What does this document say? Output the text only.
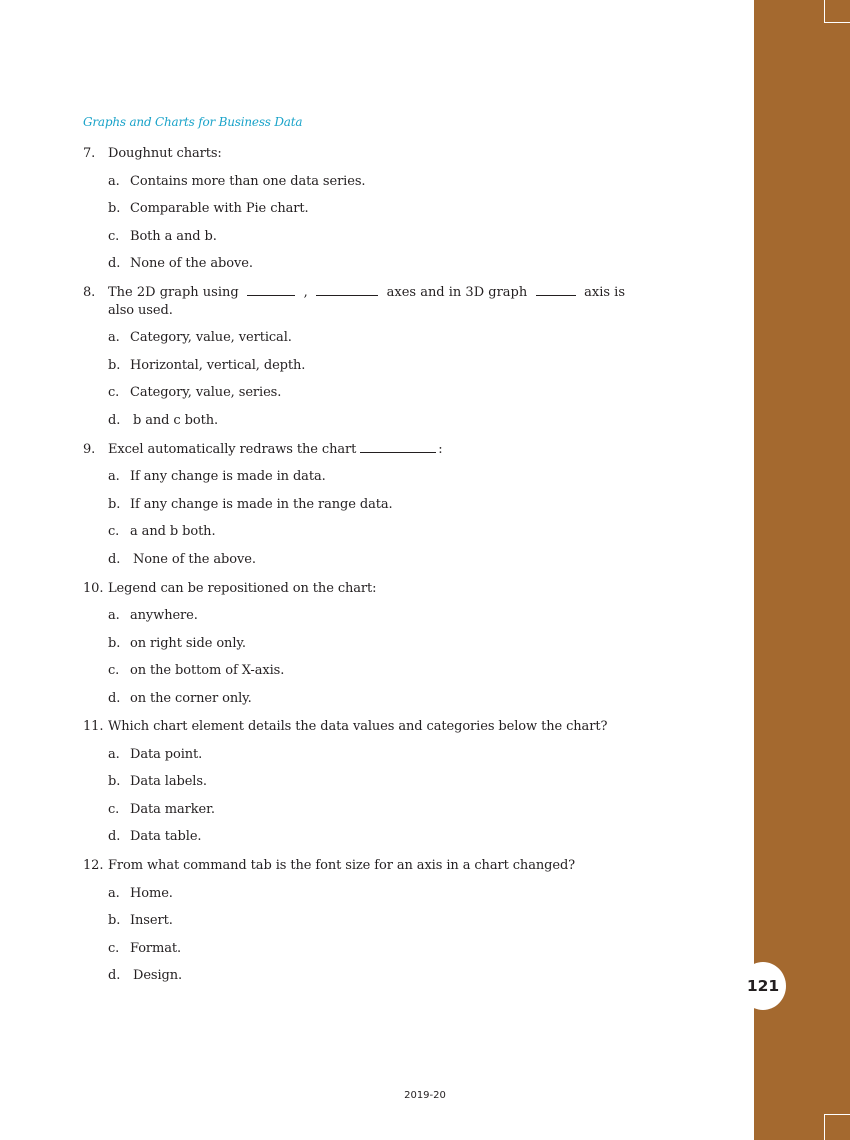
121
Graphs and Charts for Business Data
7. Doughnut charts:
a. Contains more than one data series.
b. Comparable with Pie chart.
c. Both a and b.
d. None of the above.
8. The 2D graph using	,	axes and in 3D graph	axis is
also used.
a. Category, value, vertical.
b. Horizontal, vertical, depth.
c. Category, value, series.
d. b and c both.
9. Excel automatically redraws the chart	:
a. If any change is made in data.
b. If any change is made in the range data.
c. a and b both.
d. None of the above.
10. Legend can be repositioned on the chart:
a. anywhere.
b. on right side only.
c. on the bottom of X-axis.
d. on the corner only.
11. Which chart element details the data values and categories below the chart?
a. Data point.
b. Data labels.
c. Data marker.
d. Data table.
12. From what command tab is the font size for an axis in a chart changed?
a. Home.
b. Insert.
c. Format.
d. Design.
2019-20
